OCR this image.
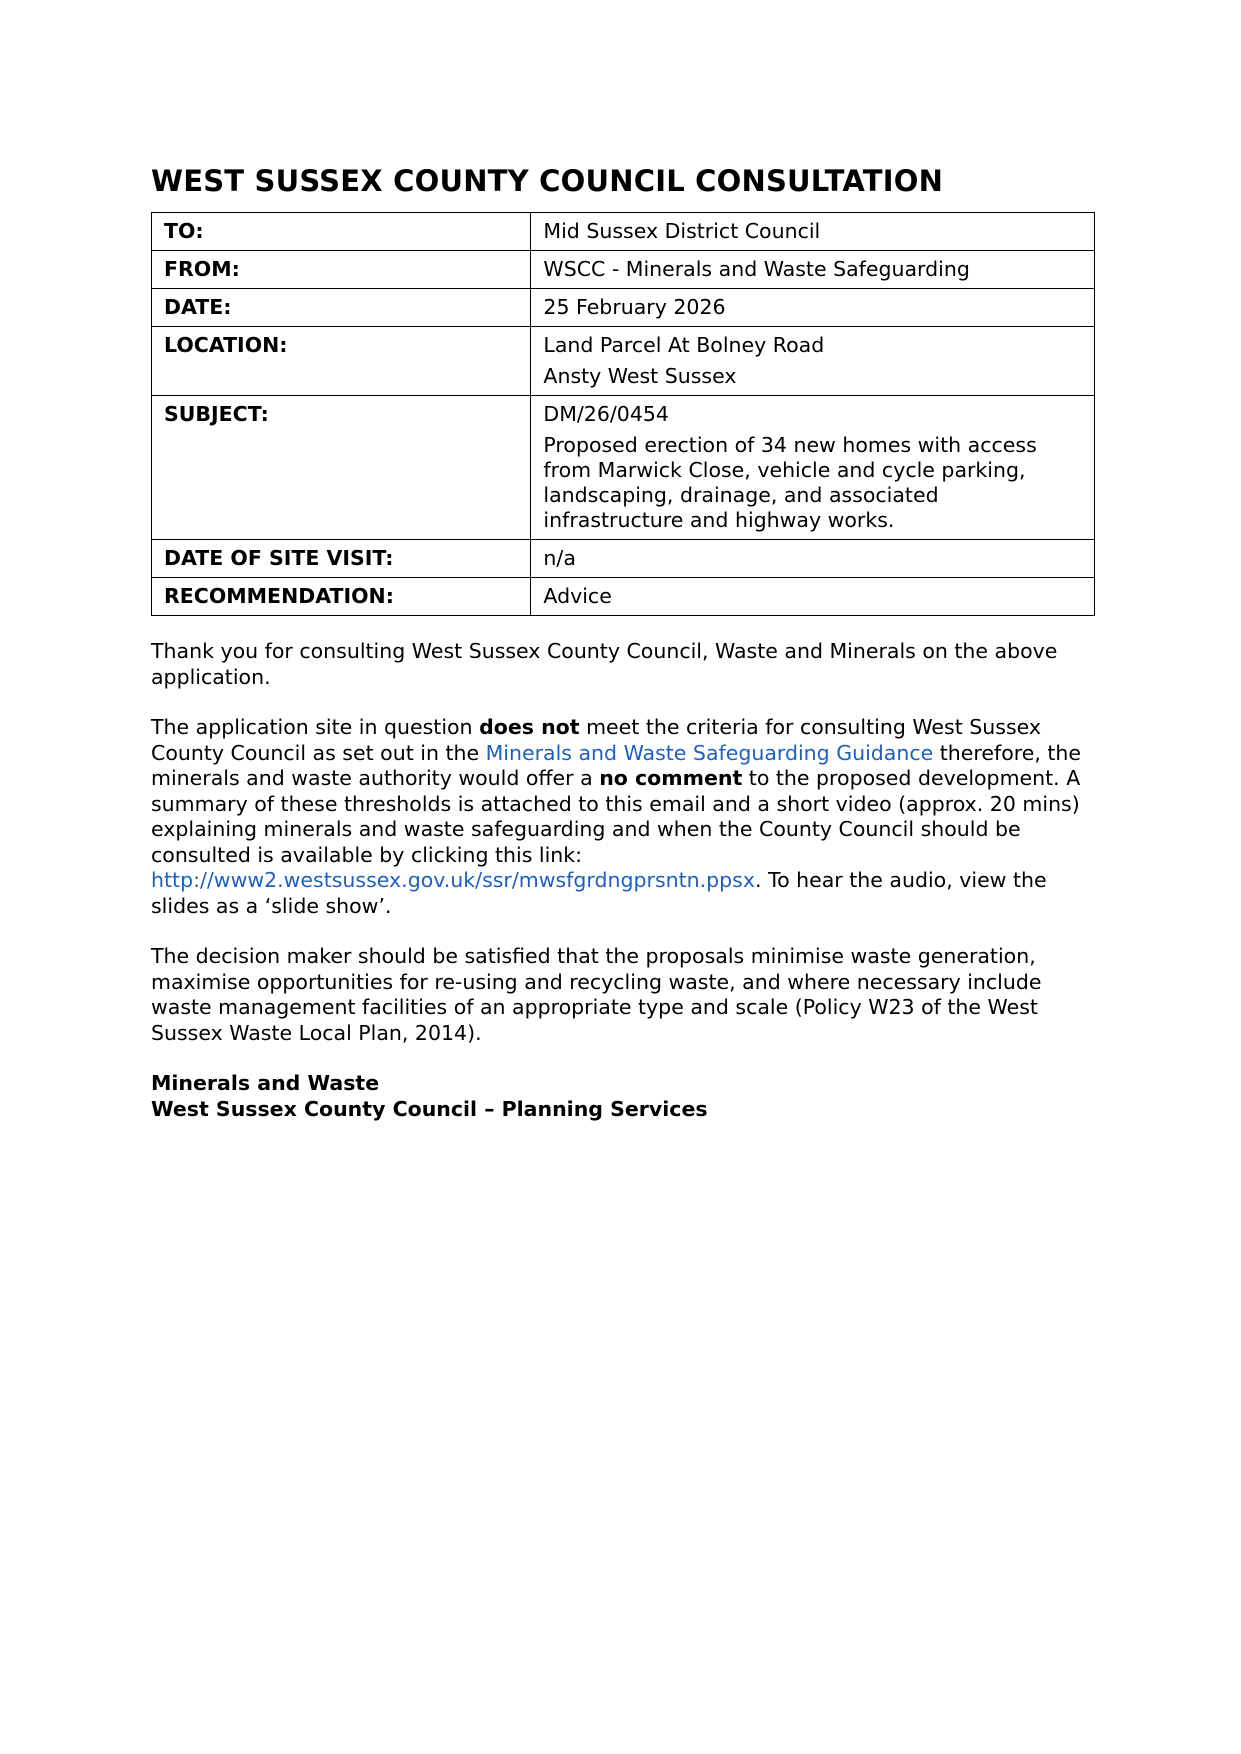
WEST SUSSEX COUNTY COUNCIL CONSULTATION
TO:	Mid Sussex District Council
FROM:	WSCC - Minerals and Waste Safeguarding
DATE:	25 February 2026
LOCATION:	Land Parcel At Bolney Road
Ansty West Sussex

SUBJECT:	DM/26/0454
Proposed erection of 34 new homes with access from Marwick Close, vehicle and cycle parking, landscaping, drainage, and associated infrastructure and highway works.

DATE OF SITE VISIT:	n/a
RECOMMENDATION:	Advice

Thank you for consulting West Sussex County Council, Waste and Minerals on the above application.

The application site in question does not meet the criteria for consulting West Sussex County Council as set out in the Minerals and Waste Safeguarding Guidance therefore, the minerals and waste authority would offer a no comment to the proposed development. A summary of these thresholds is attached to this email and a short video (approx. 20 mins) explaining minerals and waste safeguarding and when the County Council should be consulted is available by clicking this link: http://www2.westsussex.gov.uk/ssr/mwsfgrdngprsntn.ppsx. To hear the audio, view the slides as a ‘slide show’.

The decision maker should be satisfied that the proposals minimise waste generation, maximise opportunities for re-using and recycling waste, and where necessary include waste management facilities of an appropriate type and scale (Policy W23 of the West Sussex Waste Local Plan, 2014).

Minerals and Waste
West Sussex County Council – Planning Services
